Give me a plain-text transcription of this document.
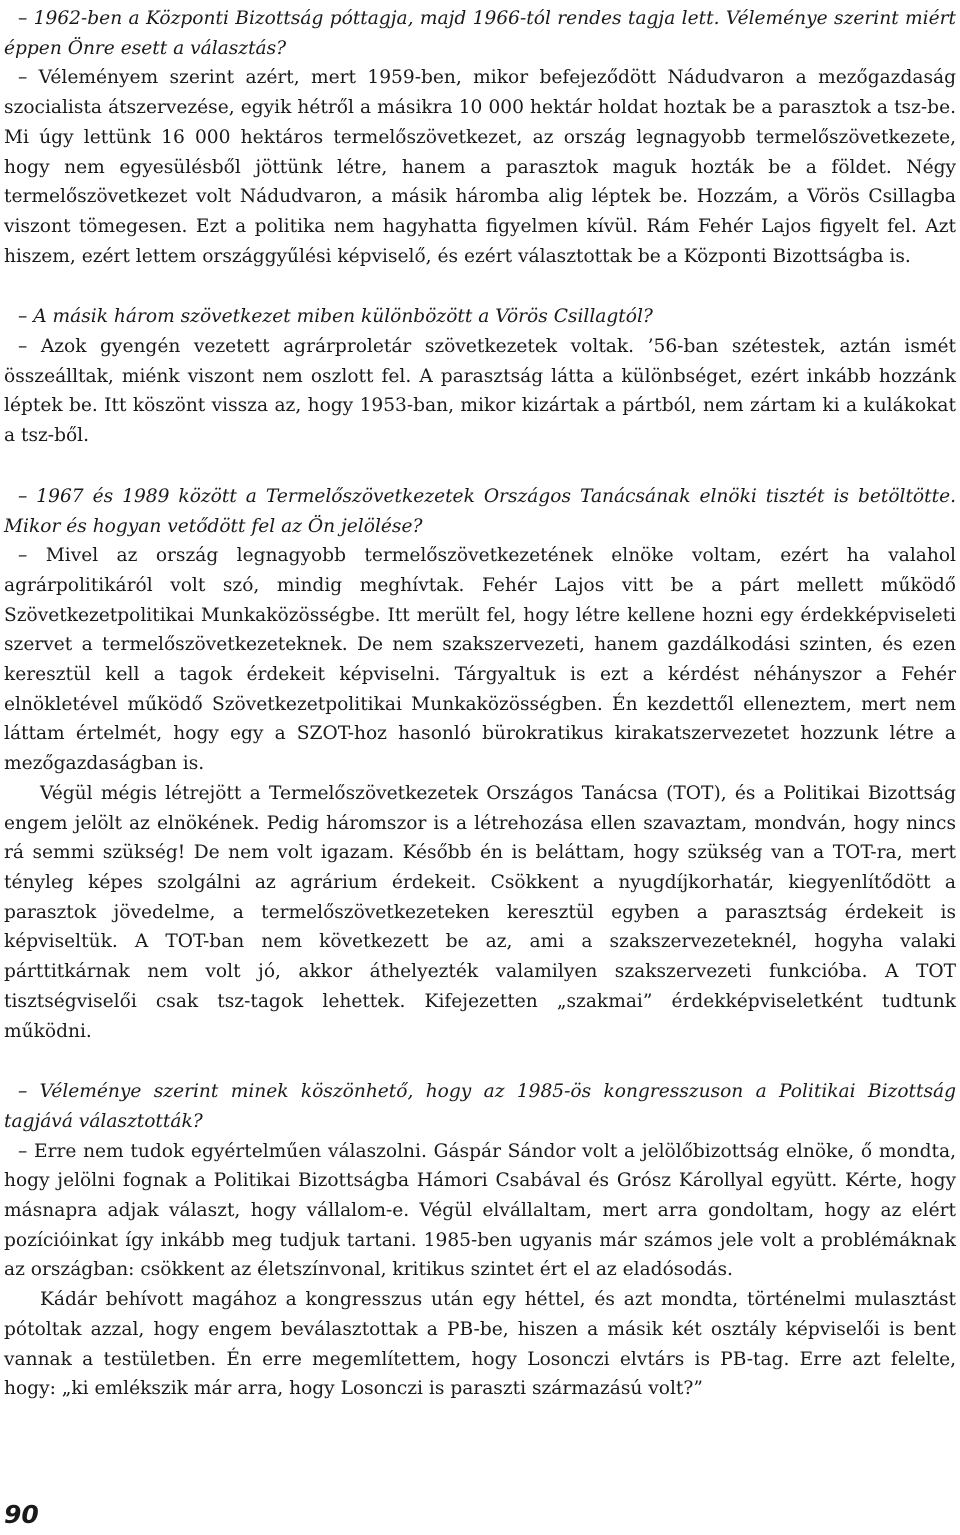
– 1962-ben a Központi Bizottság póttagja, majd 1966-tól rendes tagja lett. Véleménye szerint miért éppen Önre esett a választás?

– Véleményem szerint azért, mert 1959-ben, mikor befejeződött Nádudvaron a mezőgazdaság szocialista átszervezése, egyik hétről a másikra 10 000 hektár holdat hoztak be a parasztok a tsz-be. Mi úgy lettünk 16 000 hektáros termelőszövetkezet, az ország legnagyobb termelőszövetkezete, hogy nem egyesülésből jöttünk létre, hanem a parasztok maguk hozták be a földet. Négy termelőszövetkezet volt Nádudvaron, a másik háromba alig léptek be. Hozzám, a Vörös Csillagba viszont tömegesen. Ezt a politika nem hagyhatta figyelmen kívül. Rám Fehér Lajos figyelt fel. Azt hiszem, ezért lettem országgyűlési képviselő, és ezért választottak be a Központi Bizottságba is.

– A másik három szövetkezet miben különbözött a Vörös Csillagtól?

– Azok gyengén vezetett agrárproletár szövetkezetek voltak. ’56-ban szétestek, aztán ismét összeálltak, miénk viszont nem oszlott fel. A parasztság látta a különbséget, ezért inkább hozzánk léptek be. Itt köszönt vissza az, hogy 1953-ban, mikor kizártak a pártból, nem zártam ki a kulákokat a tsz-ből.

– 1967 és 1989 között a Termelőszövetkezetek Országos Tanácsának elnöki tisztét is betöltötte. Mikor és hogyan vetődött fel az Ön jelölése?

– Mivel az ország legnagyobb termelőszövetkezetének elnöke voltam, ezért ha valahol agrárpolitikáról volt szó, mindig meghívtak. Fehér Lajos vitt be a párt mellett működő Szövetkezetpolitikai Munkaközösségbe. Itt merült fel, hogy létre kellene hozni egy érdekképviseleti szervet a termelőszövetkezeteknek. De nem szakszervezeti, hanem gazdálkodási szinten, és ezen keresztül kell a tagok érdekeit képviselni. Tárgyaltuk is ezt a kérdést néhányszor a Fehér elnökletével működő Szövetkezetpolitikai Munkaközösségben. Én kezdettől elleneztem, mert nem láttam értelmét, hogy egy a SZOT-hoz hasonló bürokratikus kirakatszervezetet hozzunk létre a mezőgazdaságban is.

Végül mégis létrejött a Termelőszövetkezetek Országos Tanácsa (TOT), és a Politikai Bizottság engem jelölt az elnökének. Pedig háromszor is a létrehozása ellen szavaztam, mondván, hogy nincs rá semmi szükség! De nem volt igazam. Később én is beláttam, hogy szükség van a TOT-ra, mert tényleg képes szolgálni az agrárium érdekeit. Csökkent a nyugdíjkorhatár, kiegyenlítődött a parasztok jövedelme, a termelőszövetkezeteken keresztül egyben a parasztság érdekeit is képviseltük. A TOT-ban nem következett be az, ami a szakszervezeteknél, hogyha valaki párttitkárnak nem volt jó, akkor áthelyezték valamilyen szakszervezeti funkcióba. A TOT tisztségviselői csak tsz-tagok lehettek. Kifejezetten „szakmai” érdekképviseletként tudtunk működni.

– Véleménye szerint minek köszönhető, hogy az 1985-ös kongresszuson a Politikai Bizottság tagjává választották?

– Erre nem tudok egyértelműen válaszolni. Gáspár Sándor volt a jelölőbizottság elnöke, ő mondta, hogy jelölni fognak a Politikai Bizottságba Hámori Csabával és Grósz Károllyal együtt. Kérte, hogy másnapra adjak választ, hogy vállalom-e. Végül elvállaltam, mert arra gondoltam, hogy az elért pozícióinkat így inkább meg tudjuk tartani. 1985-ben ugyanis már számos jele volt a problémáknak az országban: csökkent az életszínvonal, kritikus szintet ért el az eladósodás.

Kádár behívott magához a kongresszus után egy héttel, és azt mondta, történelmi mulasztást pótoltak azzal, hogy engem beválasztottak a PB-be, hiszen a másik két osztály képviselői is bent vannak a testületben. Én erre megemlítettem, hogy Losonczi elvtárs is PB-tag. Erre azt felelte, hogy: „ki emlékszik már arra, hogy Losonczi is paraszti származású volt?”

90
